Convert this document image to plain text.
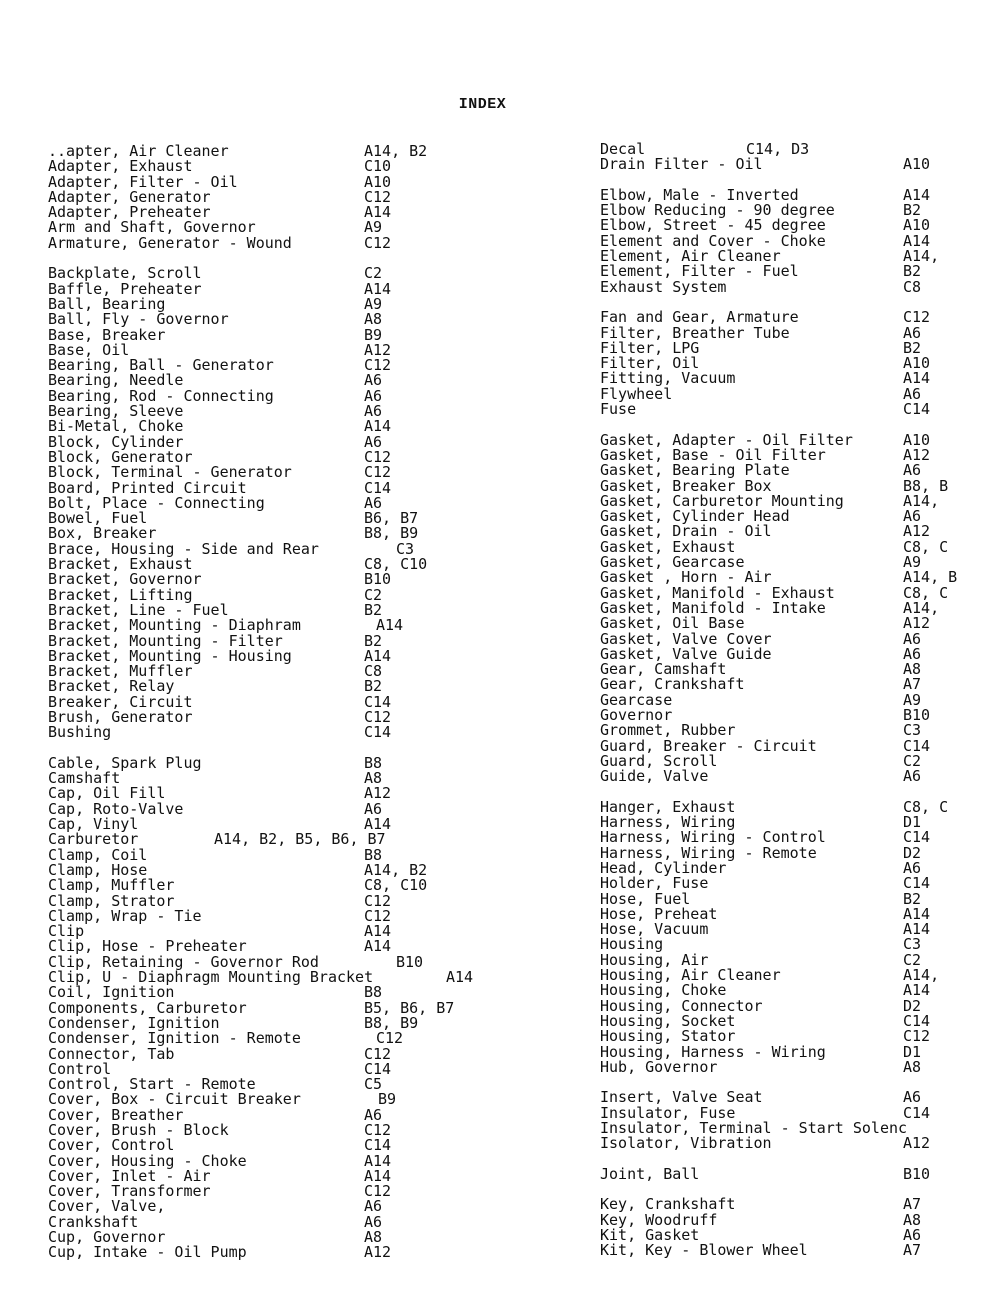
INDEX
..apter, Air Cleaner	A14, B2
Adapter, Exhaust	C10
Adapter, Filter - Oil	A10
Adapter, Generator	C12
Adapter, Preheater	A14
Arm and Shaft, Governor	A9
Armature, Generator - Wound	C12
Backplate, Scroll	C2
Baffle, Preheater	A14
Ball, Bearing	A9
Ball, Fly - Governor	A8
Base, Breaker	B9
Base, Oil	A12
Bearing, Ball - Generator	C12
Bearing, Needle	A6
Bearing, Rod - Connecting	A6
Bearing, Sleeve	A6
Bi-Metal, Choke	A14
Block, Cylinder	A6
Block, Generator	C12
Block, Terminal - Generator	C12
Board, Printed Circuit	C14
Bolt, Place - Connecting	A6
Bowel, Fuel	B6, B7
Box, Breaker	B8, B9
Brace, Housing - Side and Rear	C3
Bracket, Exhaust	C8, C10
Bracket, Governor	B10
Bracket, Lifting	C2
Bracket, Line - Fuel	B2
Bracket, Mounting - Diaphram	A14
Bracket, Mounting - Filter	B2
Bracket, Mounting - Housing	A14
Bracket, Muffler	C8
Bracket, Relay	B2
Breaker, Circuit	C14
Brush, Generator	C12
Bushing	C14
Cable, Spark Plug	B8
Camshaft	A8
Cap, Oil Fill	A12
Cap, Roto-Valve	A6
Cap, Vinyl	A14
Carburetor	A14, B2, B5, B6, B7
Clamp, Coil	B8
Clamp, Hose	A14, B2
Clamp, Muffler	C8, C10
Clamp, Strator	C12
Clamp, Wrap - Tie	C12
Clip	A14
Clip, Hose - Preheater	A14
Clip, Retaining - Governor Rod	B10
Clip, U - Diaphragm Mounting Bracket	A14
Coil, Ignition	B8
Components, Carburetor	B5, B6, B7
Condenser, Ignition	B8, B9
Condenser, Ignition - Remote	C12
Connector, Tab	C12
Control	C14
Control, Start - Remote	C5
Cover, Box - Circuit Breaker	B9
Cover, Breather	A6
Cover, Brush - Block	C12
Cover, Control	C14
Cover, Housing - Choke	A14
Cover, Inlet - Air	A14
Cover, Transformer	C12
Cover, Valve,	A6
Crankshaft	A6
Cup, Governor	A8
Cup, Intake - Oil Pump	A12
Decal	C14, D3
Drain Filter - Oil	A10
Elbow, Male - Inverted	A14
Elbow Reducing - 90 degree	B2
Elbow, Street - 45 degree	A10
Element and Cover - Choke	A14
Element, Air Cleaner	A14,
Element, Filter - Fuel	B2
Exhaust System	C8
Fan and Gear, Armature	C12
Filter, Breather Tube	A6
Filter, LPG	B2
Filter, Oil	A10
Fitting, Vacuum	A14
Flywheel	A6
Fuse	C14
Gasket, Adapter - Oil Filter	A10
Gasket, Base - Oil Filter	A12
Gasket, Bearing Plate	A6
Gasket, Breaker Box	B8, B
Gasket, Carburetor Mounting	A14,
Gasket, Cylinder Head	A6
Gasket, Drain - Oil	A12
Gasket, Exhaust	C8, C
Gasket, Gearcase	A9
Gasket , Horn - Air	A14, B
Gasket, Manifold - Exhaust	C8, C
Gasket, Manifold - Intake	A14,
Gasket, Oil Base	A12
Gasket, Valve Cover	A6
Gasket, Valve Guide	A6
Gear, Camshaft	A8
Gear, Crankshaft	A7
Gearcase	A9
Governor	B10
Grommet, Rubber	C3
Guard, Breaker - Circuit	C14
Guard, Scroll	C2
Guide, Valve	A6
Hanger, Exhaust	C8, C
Harness, Wiring	D1
Harness, Wiring - Control	C14
Harness, Wiring - Remote	D2
Head, Cylinder	A6
Holder, Fuse	C14
Hose, Fuel	B2
Hose, Preheat	A14
Hose, Vacuum	A14
Housing	C3
Housing, Air	C2
Housing, Air Cleaner	A14,
Housing, Choke	A14
Housing, Connector	D2
Housing, Socket	C14
Housing, Stator	C12
Housing, Harness - Wiring	D1
Hub, Governor	A8
Insert, Valve Seat	A6
Insulator, Fuse	C14
Insulator, Terminal - Start Solenc
Isolator, Vibration	A12
Joint, Ball	B10
Key, Crankshaft	A7
Key, Woodruff	A8
Kit, Gasket	A6
Kit, Key - Blower Wheel	A7
